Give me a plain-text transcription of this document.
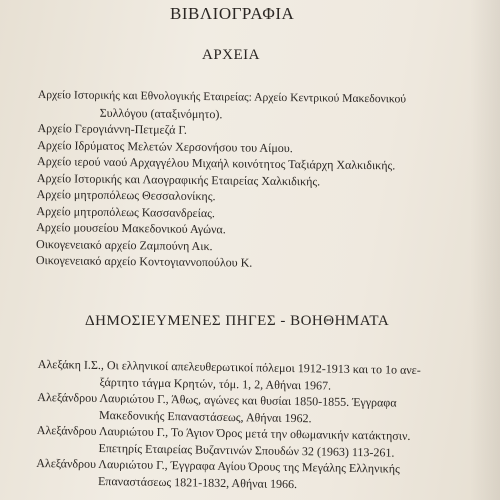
ΒΙΒΛΙΟΓΡΑΦΙΑ
ΑΡΧΕΙΑ
Αρχείο Ιστορικής και Εθνολογικής Εταιρείας: Αρχείο Κεντρικού Μακεδονικού
Συλλόγου (αταξινόμητο).
Αρχείο Γερογιάννη-Πετμεζά Γ.
Αρχείο Ιδρύματος Μελετών Χερσονήσου του Αίμου.
Αρχείο ιερού ναού Αρχαγγέλου Μιχαήλ κοινότητος Ταξιάρχη Χαλκιδικής.
Αρχείο Ιστορικής και Λαογραφικής Εταιρείας Χαλκιδικής.
Αρχείο μητροπόλεως Θεσσαλονίκης.
Αρχείο μητροπόλεως Κασσανδρείας.
Αρχείο μουσείου Μακεδονικού Αγώνα.
Οικογενειακό αρχείο Ζαμπούνη Αικ.
Οικογενειακό αρχείο Κοντογιαννοπούλου Κ.
ΔΗΜΟΣΙΕΥΜΕΝΕΣ ΠΗΓΕΣ - ΒΟΗΘΗΜΑΤΑ
Αλεξάκη Ι.Σ., Οι ελληνικοί απελευθερωτικοί πόλεμοι 1912-1913 και το 1ο ανε-
ξάρτητο τάγμα Κρητών, τόμ. 1, 2, Αθήναι 1967.
Αλεξάνδρου Λαυριώτου Γ., Άθως, αγώνες και θυσίαι 1850-1855. Έγγραφα
Μακεδονικής Επαναστάσεως, Αθήναι 1962.
Αλεξάνδρου Λαυριώτου Γ., Το Άγιον Όρος μετά την οθωμανικήν κατάκτησιν.
Επετηρίς Εταιρείας Βυζαντινών Σπουδών 32 (1963) 113-261.
Αλεξάνδρου Λαυριώτου Γ., Έγγραφα Αγίου Όρους της Μεγάλης Ελληνικής
Επαναστάσεως 1821-1832, Αθήναι 1966.
